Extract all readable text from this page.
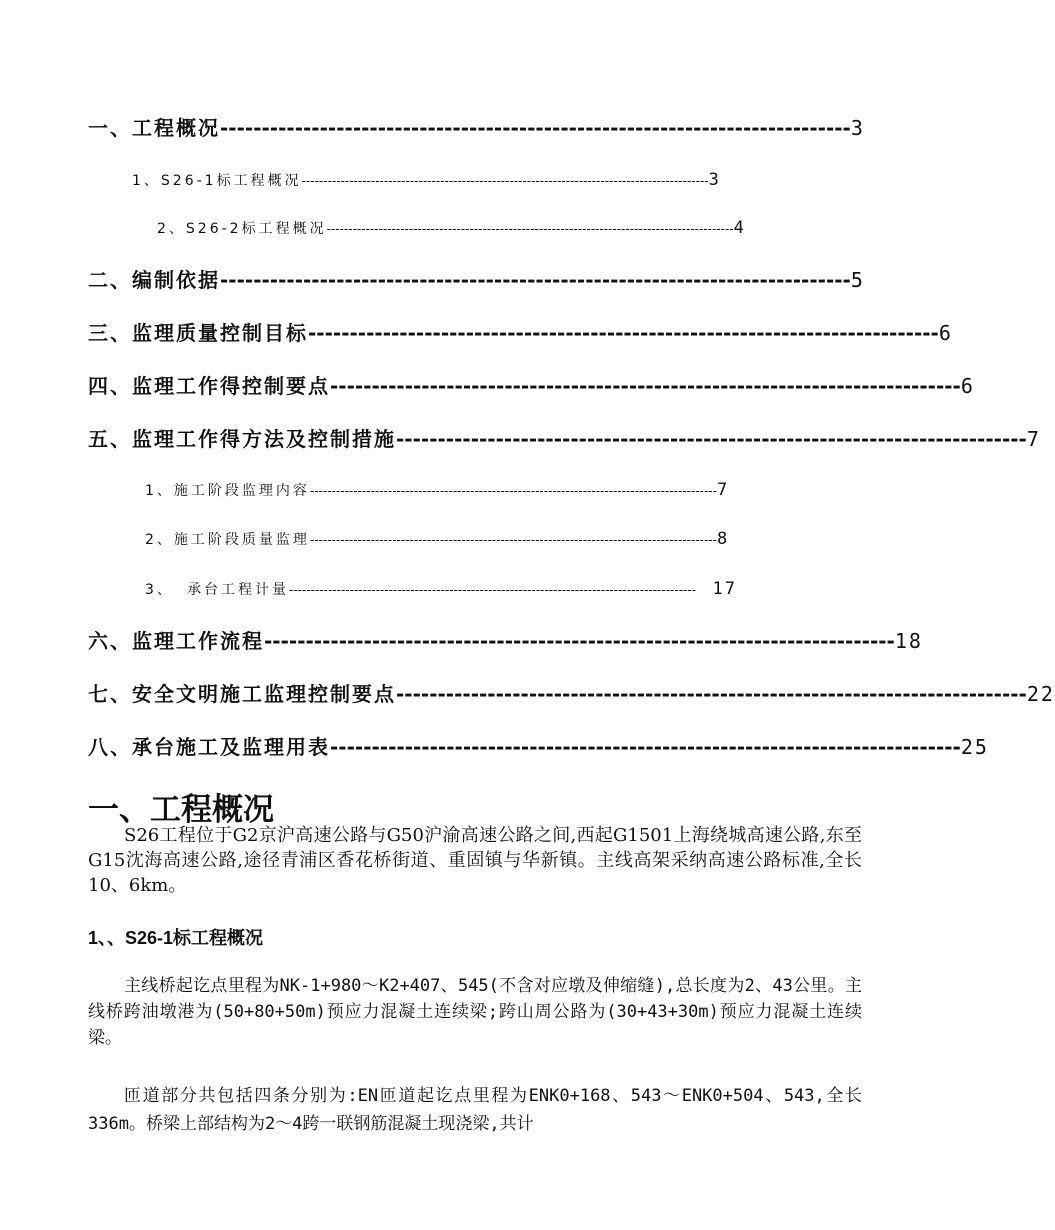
一、 工程概况 ---------------------------------------------------------------------------- 3
1、 S26-1标工程概况 ---------------------------------------------------------------------------------------------- 3
2、 S26-2标工程概况 ---------------------------------------------------------------------------------------------- 4
二、 编制依据 ---------------------------------------------------------------------------- 5
三、 监理质量控制目标 ---------------------------------------------------------------------------- 6
四、 监理工作得控制要点 ---------------------------------------------------------------------------- 6
五、 监理工作得方法及控制措施 ---------------------------------------------------------------------------- 7
1、 施工阶段监理内容 ---------------------------------------------------------------------------------------------- 7
2、 施工阶段质量监理 ---------------------------------------------------------------------------------------------- 8
3、 承台工程计量 ---------------------------------------------------------------------------------------------- 17
六、 监理工作流程 ---------------------------------------------------------------------------- 18
七、 安全文明施工监理控制要点 ---------------------------------------------------------------------------- 22
八、 承台施工及监理用表 ---------------------------------------------------------------------------- 25
一、工程概况

S26工程位于G2京沪高速公路与G50沪渝高速公路之间,西起G1501上海绕城高速公路,东至G15沈海高速公路,途径青浦区香花桥街道、重固镇与华新镇。主线高架采纳高速公路标准,全长10、6km。

1、、S26-1标工程概况

主线桥起讫点里程为NK-1+980～K2+407、545(不含对应墩及伸缩缝),总长度为2、43公里。主线桥跨油墩港为(50+80+50m)预应力混凝土连续梁;跨山周公路为(30+43+30m)预应力混凝土连续梁。

匝道部分共包括四条分别为:EN匝道起讫点里程为ENK0+168、543～ENK0+504、543,全长336m。桥梁上部结构为2～4跨一联钢筋混凝土现浇梁,共计
